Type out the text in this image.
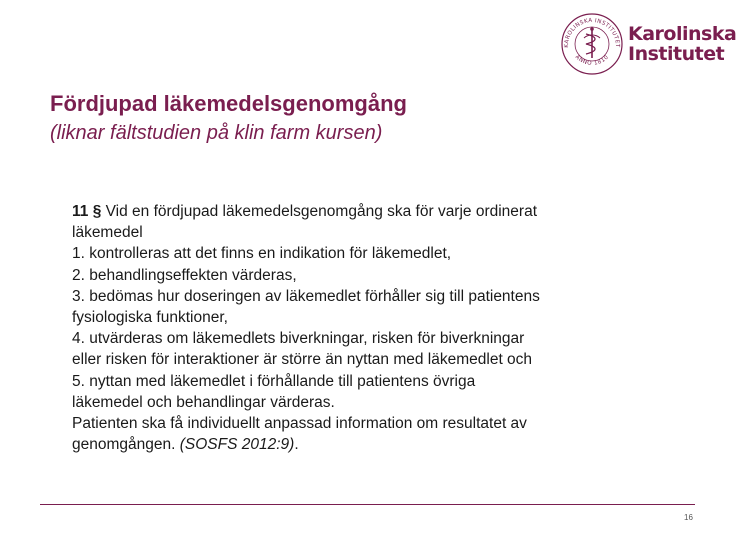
KAROLINSKA INSTITUTET
ANNO 1810
Karolinska
Institutet
Fördjupad läkemedelsgenomgång

(liknar fältstudien på klin farm kursen)

11 § Vid en fördjupad läkemedelsgenomgång ska för varje ordinerat
läkemedel
1. kontrolleras att det finns en indikation för läkemedlet,
2. behandlingseffekten värderas,
3. bedömas hur doseringen av läkemedlet förhåller sig till patientens
fysiologiska funktioner,
4. utvärderas om läkemedlets biverkningar, risken för biverkningar
eller risken för interaktioner är större än nyttan med läkemedlet och
5. nyttan med läkemedlet i förhållande till patientens övriga
läkemedel och behandlingar värderas.
Patienten ska få individuellt anpassad information om resultatet av
genomgången. (SOSFS 2012:9).
16
